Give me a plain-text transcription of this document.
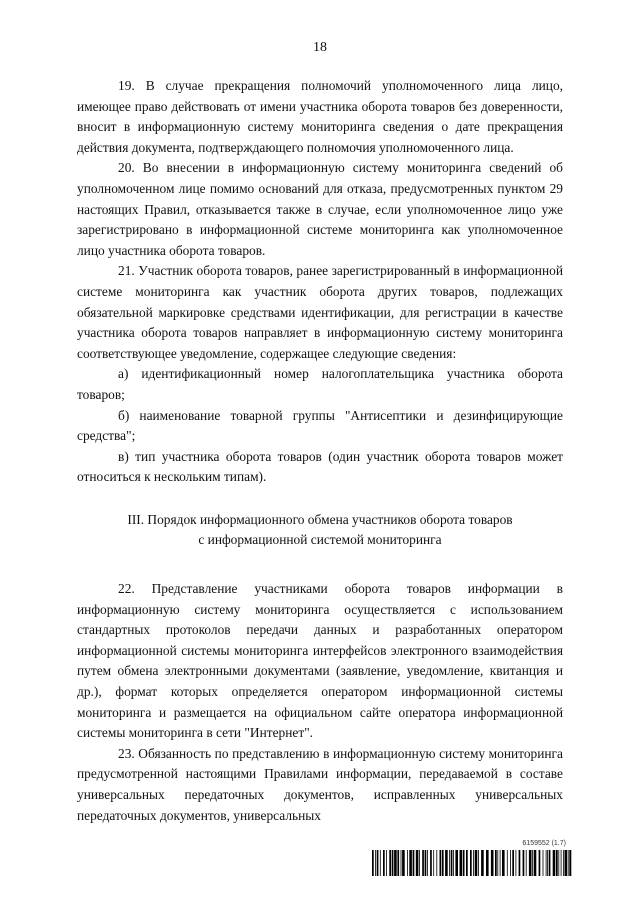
18

19. В случае прекращения полномочий уполномоченного лица лицо, имеющее право действовать от имени участника оборота товаров без доверенности, вносит в информационную систему мониторинга сведения о дате прекращения действия документа, подтверждающего полномочия уполномоченного лица.

20. Во внесении в информационную систему мониторинга сведений об уполномоченном лице помимо оснований для отказа, предусмотренных пунктом 29 настоящих Правил, отказывается также в случае, если уполномоченное лицо уже зарегистрировано в информационной системе мониторинга как уполномоченное лицо участника оборота товаров.

21. Участник оборота товаров, ранее зарегистрированный в информационной системе мониторинга как участник оборота других товаров, подлежащих обязательной маркировке средствами идентификации, для регистрации в качестве участника оборота товаров направляет в информационную систему мониторинга соответствующее уведомление, содержащее следующие сведения:

а) идентификационный номер налогоплательщика участника оборота товаров;

б) наименование товарной группы "Антисептики и дезинфицирующие средства";

в) тип участника оборота товаров (один участник оборота товаров может относиться к нескольким типам).

III. Порядок информационного обмена участников оборота товаров
с информационной системой мониторинга

22. Представление участниками оборота товаров информации в информационную систему мониторинга осуществляется с использованием стандартных протоколов передачи данных и разработанных оператором информационной системы мониторинга интерфейсов электронного взаимодействия путем обмена электронными документами (заявление, уведомление, квитанция и др.), формат которых определяется оператором информационной системы мониторинга и размещается на официальном сайте оператора информационной системы мониторинга в сети "Интернет".

23. Обязанность по представлению в информационную систему мониторинга предусмотренной настоящими Правилами информации, передаваемой в составе универсальных передаточных документов, исправленных универсальных передаточных документов, универсальных

6159552 (1.7)
